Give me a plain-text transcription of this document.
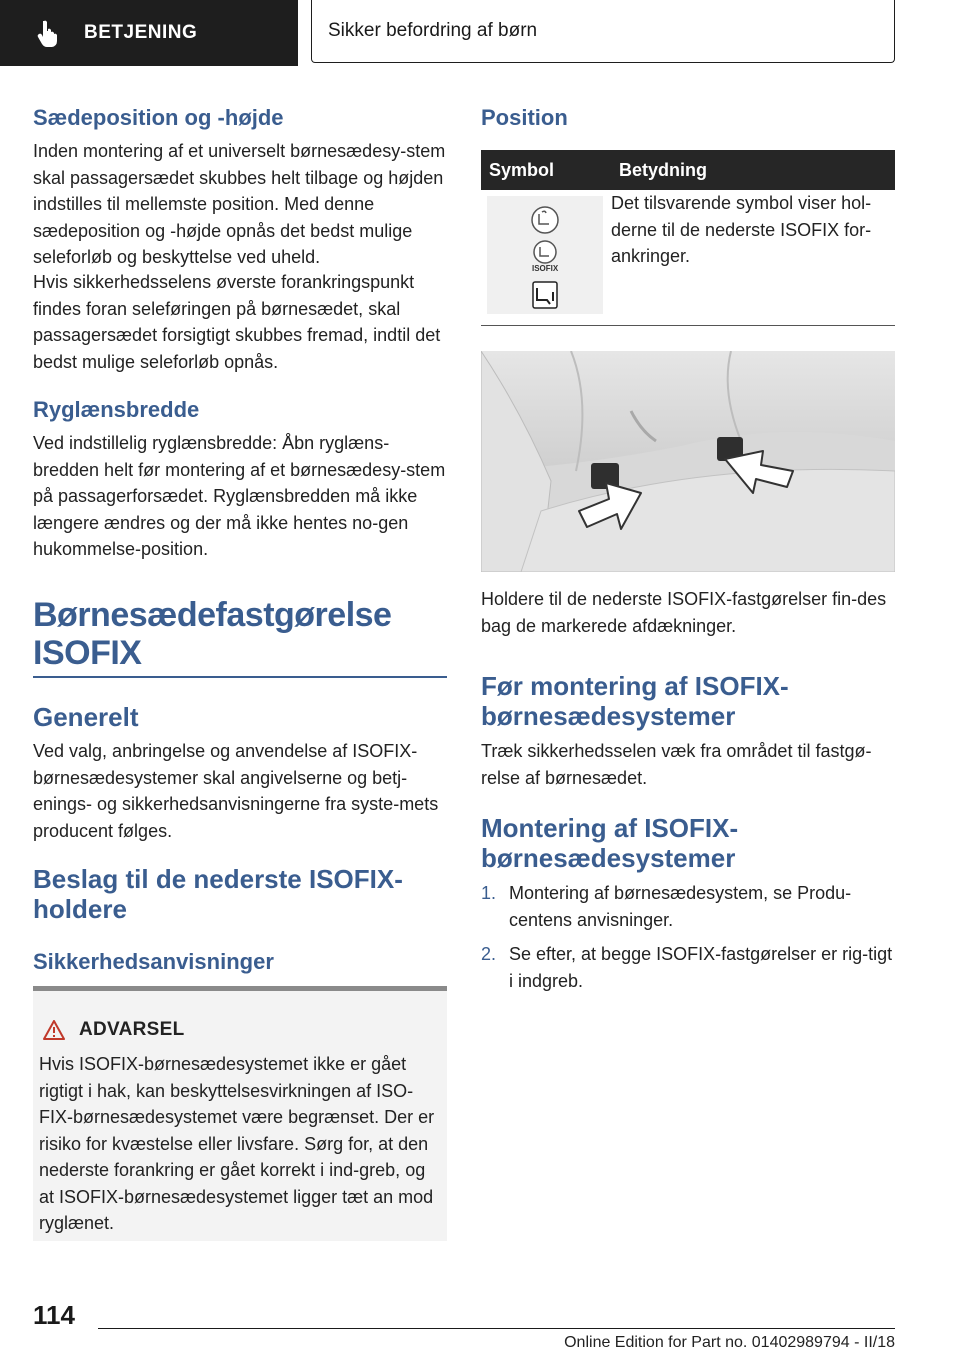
BETJENING	Sikker befordring af børn
Sædeposition og -højde

Inden montering af et universelt børnesædesy-stem skal passagersædet skubbes helt tilbage og højden indstilles til mellemste position. Med denne sædeposition og -højde opnås det bedst mulige seleforløb og beskyttelse ved uheld.

Hvis sikkerhedsselens øverste forankringspunkt findes foran seleføringen på børnesædet, skal passagersædet forsigtigt skubbes fremad, indtil det bedst mulige seleforløb opnås.

Ryglænsbredde

Ved indstillelig ryglænsbredde: Åbn ryglæns-bredden helt før montering af et børnesædesy-stem på passagerforsædet. Ryglænsbredden må ikke længere ændres og der må ikke hentes no-gen hukommelse-position.

Børnesædefastgørelse
ISOFIX
Generelt

Ved valg, anbringelse og anvendelse af ISOFIX-børnesædesystemer skal angivelserne og betj-enings- og sikkerhedsanvisningerne fra syste-mets producent følges.

Beslag til de nederste ISOFIX-
holdere
Sikkerhedsanvisninger
ADVARSEL
Hvis ISOFIX-børnesædesystemet ikke er gået rigtigt i hak, kan beskyttelsesvirkningen af ISO-FIX-børnesædesystemet være begrænset. Der er risiko for kvæstelse eller livsfare. Sørg for, at den nederste forankring er gået korrekt i ind-greb, og at ISOFIX-børnesædesystemet ligger tæt an mod ryglænet.
Position
Symbol	Betydning

ISOFIX	Det tilsvarende symbol viser hol-derne til de nederste ISOFIX for-ankringer.

Holdere til de nederste ISOFIX-fastgørelser fin-des bag de markerede afdækninger.

Før montering af ISOFIX-
børnesædesystemer

Træk sikkerhedsselen væk fra området til fastgø-relse af børnesædet.

Montering af ISOFIX-
børnesædesystemer
1. Montering af børnesædesystem, se Produ-centens anvisninger.
2. Se efter, at begge ISOFIX-fastgørelser er rig-tigt i indgreb.
114
Online Edition for Part no. 01402989794 - II/18
